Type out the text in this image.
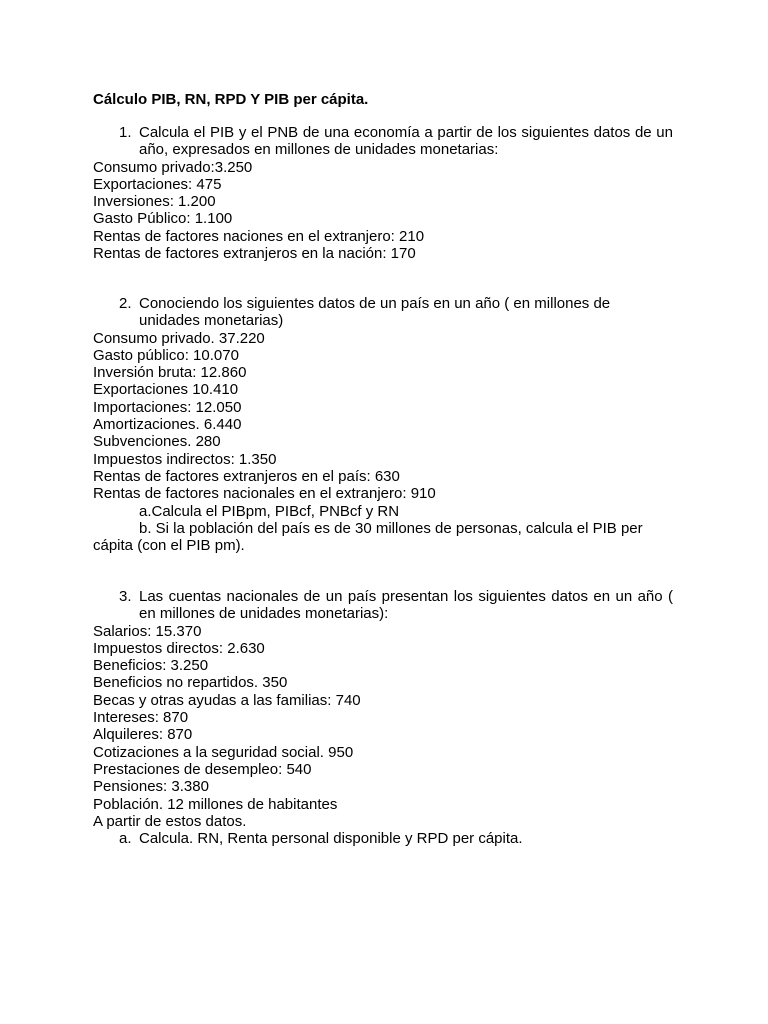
Cálculo PIB, RN, RPD Y PIB per cápita.
1. Calcula el PIB y el PNB de una economía a partir de los siguientes datos de un año, expresados en millones de unidades monetarias:
Consumo privado:3.250
Exportaciones: 475
Inversiones: 1.200
Gasto Público: 1.100
Rentas de factores naciones en el extranjero: 210
Rentas de factores extranjeros en la nación: 170
2. Conociendo los siguientes datos de un país en un año ( en millones de unidades monetarias)
Consumo privado. 37.220
Gasto público: 10.070
Inversión bruta: 12.860
Exportaciones 10.410
Importaciones: 12.050
Amortizaciones. 6.440
Subvenciones. 280
Impuestos indirectos: 1.350
Rentas de factores extranjeros en el país: 630
Rentas de factores nacionales en el extranjero: 910
a.Calcula el PIBpm, PIBcf, PNBcf y RN
b. Si la población del país es de 30 millones de personas, calcula el PIB per cápita (con el PIB pm).
3. Las cuentas nacionales de un país presentan los siguientes datos en un año ( en millones de unidades monetarias):
Salarios: 15.370
Impuestos directos: 2.630
Beneficios: 3.250
Beneficios no repartidos. 350
Becas y otras ayudas a las familias: 740
Intereses: 870
Alquileres: 870
Cotizaciones a la seguridad social. 950
Prestaciones de desempleo: 540
Pensiones: 3.380
Población. 12 millones de habitantes
A partir de estos datos.
a. Calcula. RN, Renta personal disponible y RPD per cápita.
